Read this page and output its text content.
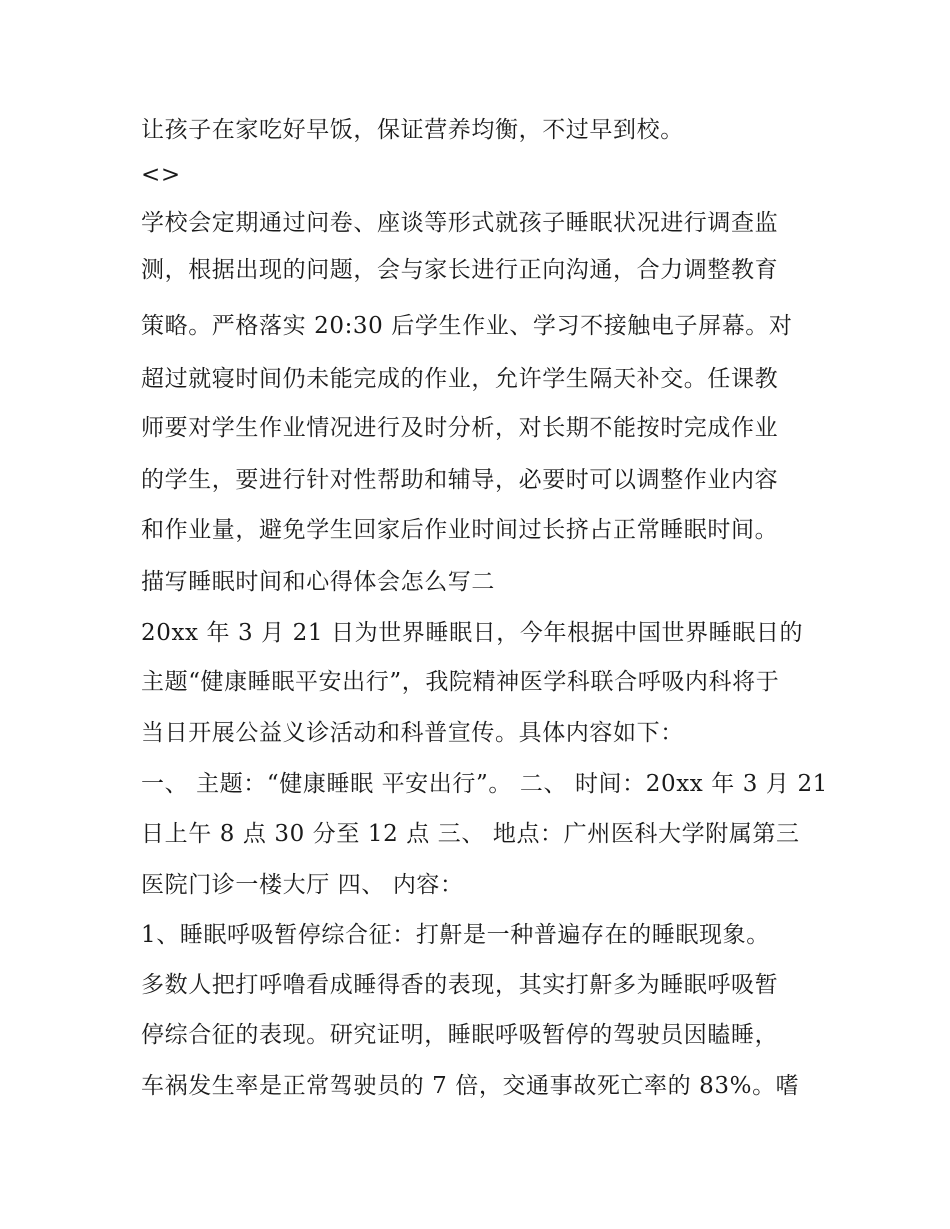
让孩子在家吃好早饭，保证营养均衡，不过早到校。
<>
学校会定期通过问卷、座谈等形式就孩子睡眠状况进行调查监
测，根据出现的问题，会与家长进行正向沟通，合力调整教育
策略。严格落实 20:30 后学生作业、学习不接触电子屏幕。对
超过就寝时间仍未能完成的作业，允许学生隔天补交。任课教
师要对学生作业情况进行及时分析，对长期不能按时完成作业
的学生，要进行针对性帮助和辅导，必要时可以调整作业内容
和作业量，避免学生回家后作业时间过长挤占正常睡眠时间。
描写睡眠时间和心得体会怎么写二
20xx 年 3 月 21 日为世界睡眠日，今年根据中国世界睡眠日的
主题“健康睡眠平安出行”，我院精神医学科联合呼吸内科将于
当日开展公益义诊活动和科普宣传。具体内容如下：
一、 主题：“健康睡眠 平安出行”。 二、 时间：20xx 年 3 月 21
日上午 8 点 30 分至 12 点 三、 地点：广州医科大学附属第三
医院门诊一楼大厅 四、 内容：
1、睡眠呼吸暂停综合征：打鼾是一种普遍存在的睡眠现象。
多数人把打呼噜看成睡得香的表现，其实打鼾多为睡眠呼吸暂
停综合征的表现。研究证明，睡眠呼吸暂停的驾驶员因瞌睡，
车祸发生率是正常驾驶员的 7 倍，交通事故死亡率的 83%。嗜
